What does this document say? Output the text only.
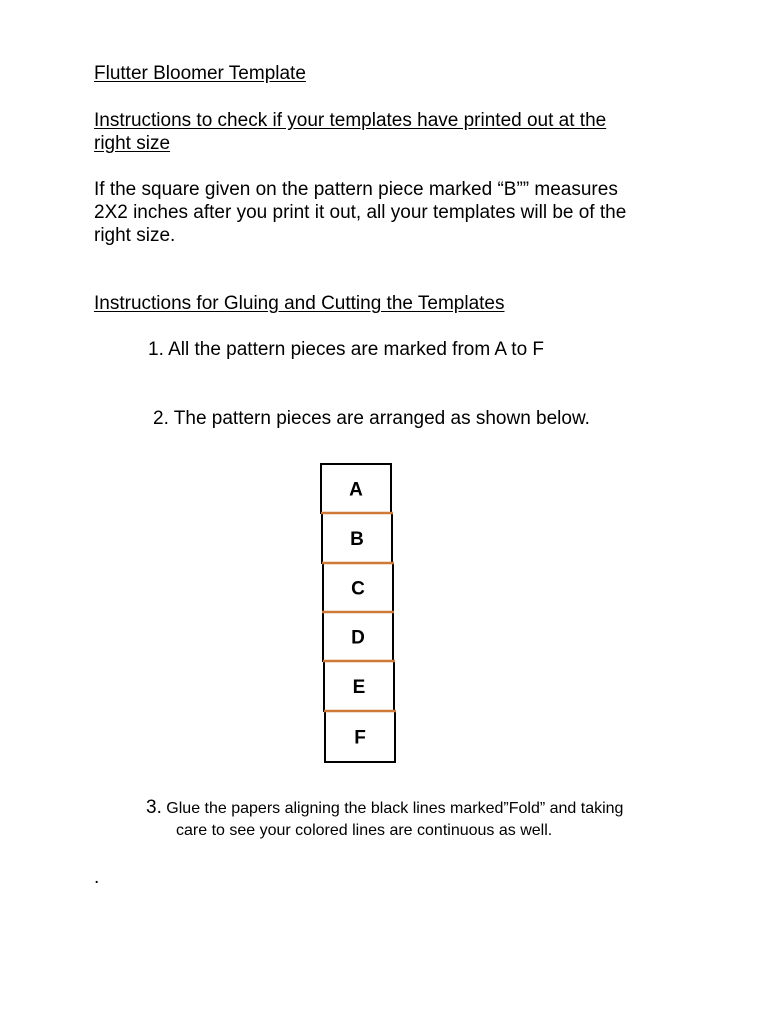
Flutter Bloomer Template
Instructions to check if your templates have printed out at the
right size
If the square given on the pattern piece marked “B”” measures
2X2 inches after you print it out, all your templates will be of the
right size.
Instructions for Gluing and Cutting the Templates
1. All the pattern pieces are marked from A to F
2. The pattern pieces are arranged as shown below.
A
B
C
D
E
F
3. Glue the papers aligning the black lines marked”Fold” and taking
care to see your colored lines are continuous as well.
.
